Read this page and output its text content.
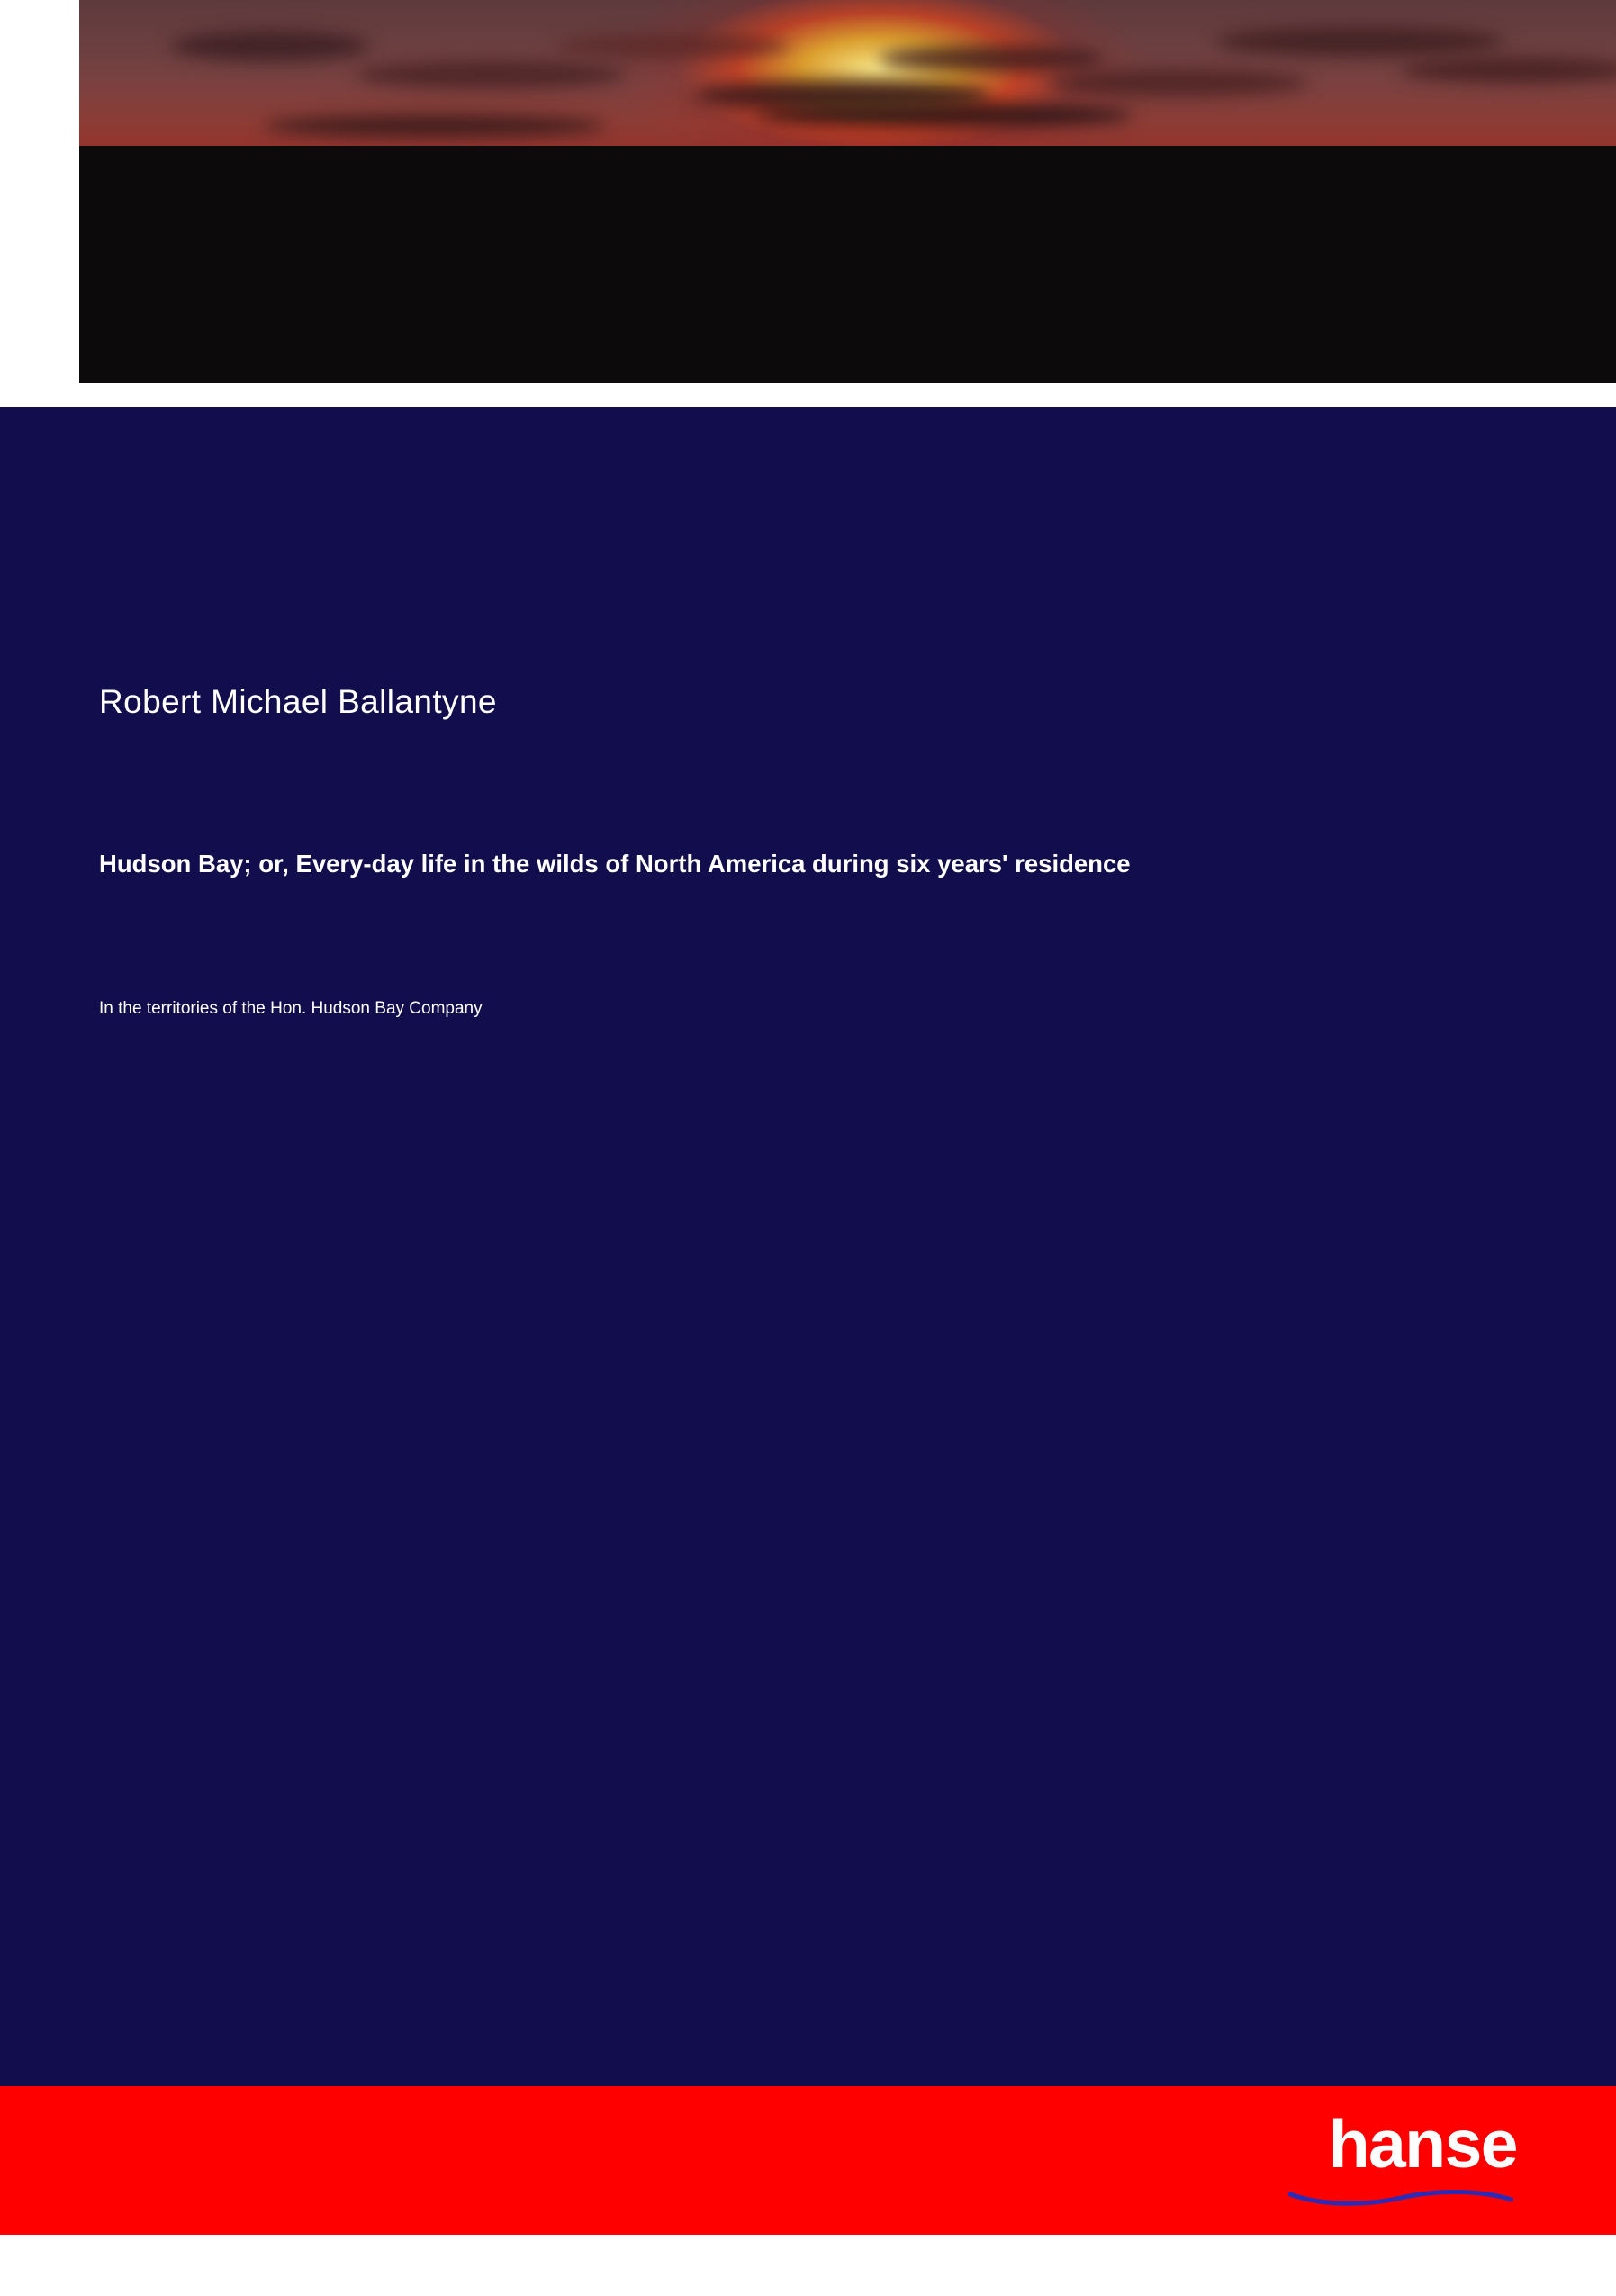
Robert Michael Ballantyne
Hudson Bay; or, Every-day life in the wilds of North America during six years' residence
In the territories of the Hon. Hudson Bay Company
hanse
